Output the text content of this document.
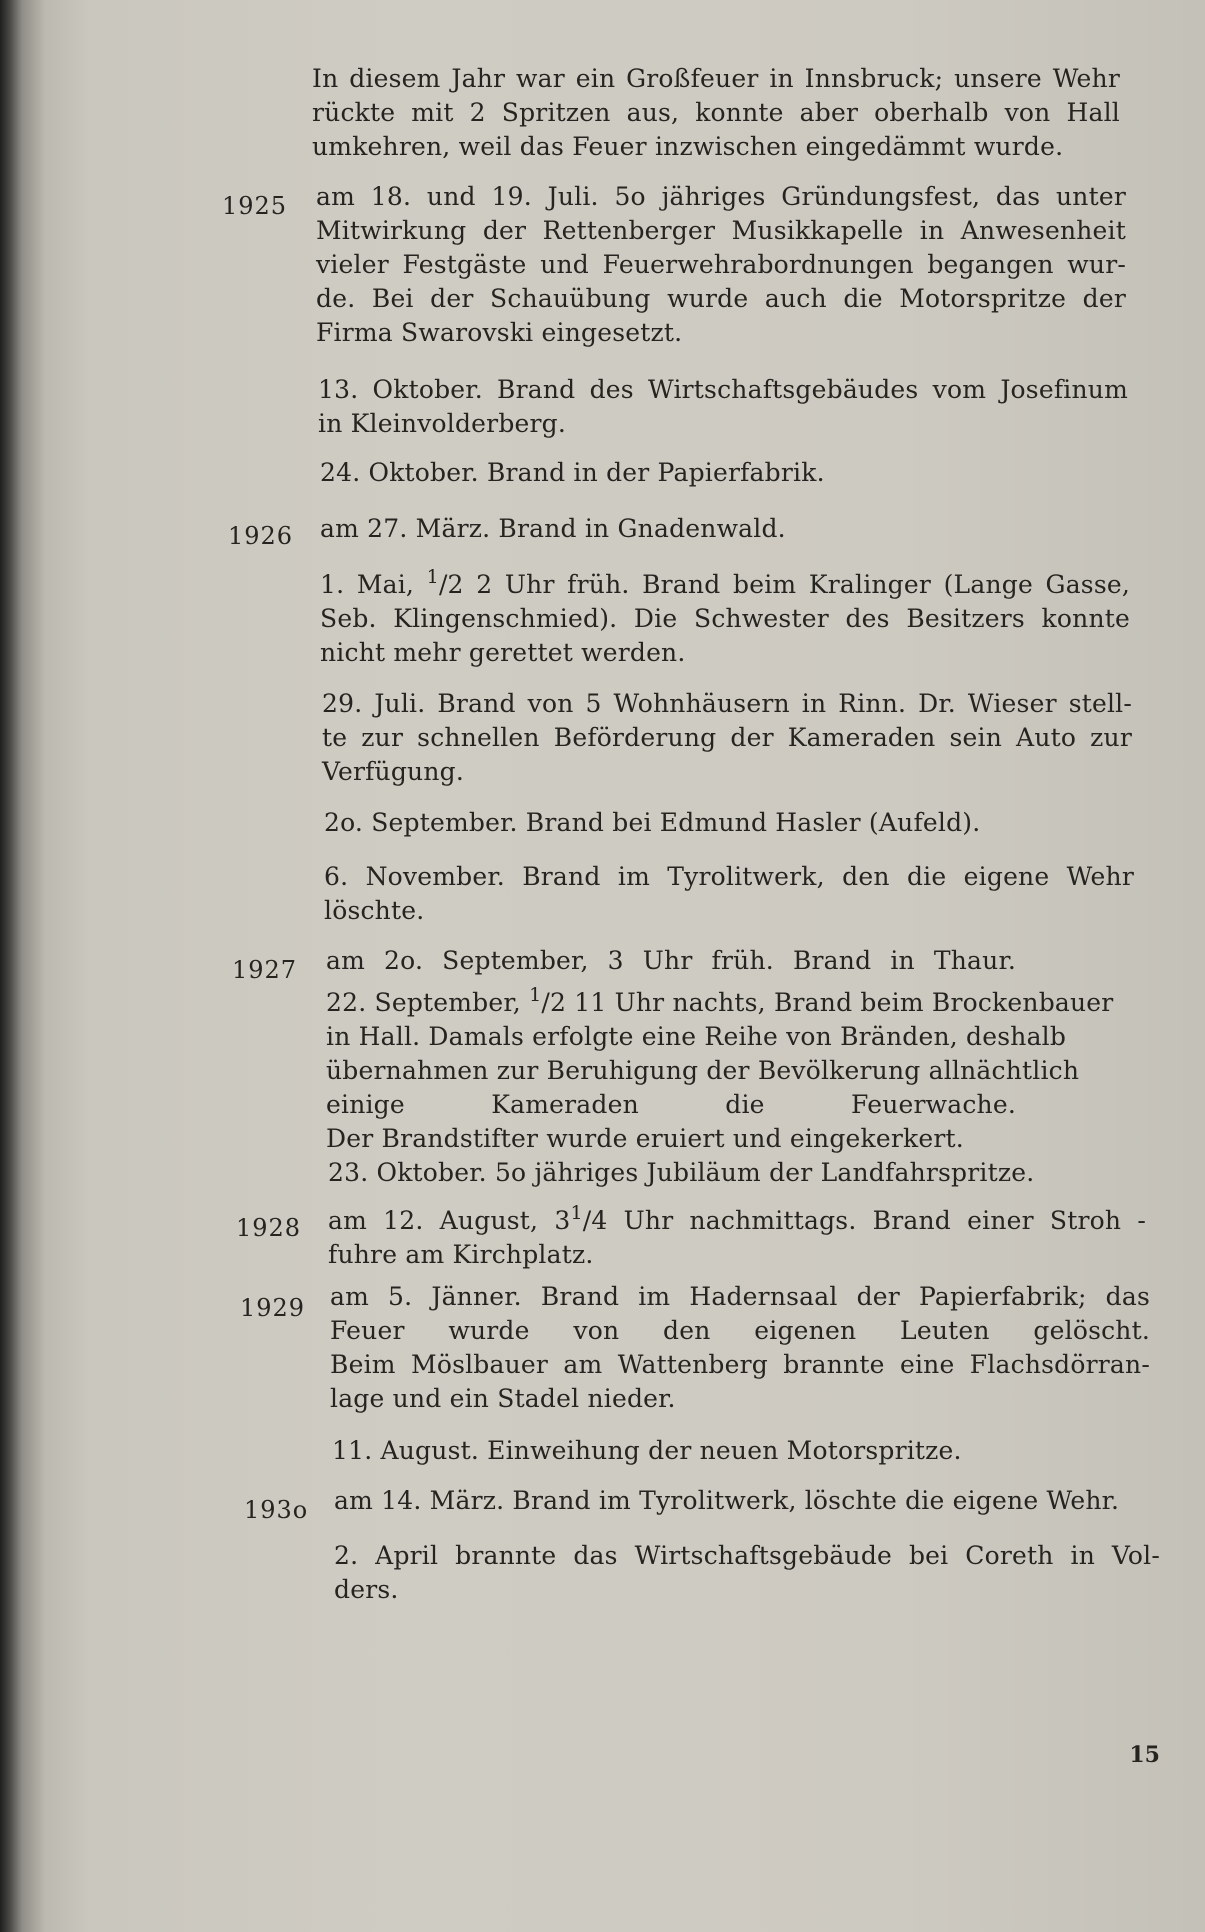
In diesem Jahr war ein Großfeuer in Innsbruck; unsere Wehr
rückte mit 2 Spritzen aus, konnte aber oberhalb von Hall
umkehren, weil das Feuer inzwischen eingedämmt wurde.
1925 am 18. und 19. Juli. 5o jähriges Gründungsfest, das unter
Mitwirkung der Rettenberger Musikkapelle in Anwesenheit
vieler Festgäste und Feuerwehrabordnungen begangen wur-
de. Bei der Schauübung wurde auch die Motorspritze der
Firma Swarovski eingesetzt.
13. Oktober. Brand des Wirtschaftsgebäudes vom Josefinum
in Kleinvolderberg.
24. Oktober. Brand in der Papierfabrik.
1926 am 27. März. Brand in Gnadenwald.
1. Mai, $^1$/2 2 Uhr früh. Brand beim Kralinger (Lange Gasse,
Seb. Klingenschmied). Die Schwester des Besitzers konnte
nicht mehr gerettet werden.
29. Juli. Brand von 5 Wohnhäusern in Rinn. Dr. Wieser stell-
te zur schnellen Beförderung der Kameraden sein Auto zur
Verfügung.
2o. September. Brand bei Edmund Hasler (Aufeld).
6. November. Brand im Tyrolitwerk, den die eigene Wehr
löschte.
1927 am 2o. September, 3 Uhr früh. Brand in Thaur.
22. September, $^1$/2 11 Uhr nachts, Brand beim Brockenbauer
in Hall. Damals erfolgte eine Reihe von Bränden, deshalb
übernahmen zur Beruhigung der Bevölkerung allnächtlich
einige Kameraden die Feuerwache.
Der Brandstifter wurde eruiert und eingekerkert.
23. Oktober. 5o jähriges Jubiläum der Landfahrspritze.
1928 am 12. August, $3^1/4$ Uhr nachmittags. Brand einer Stroh -
fuhre am Kirchplatz.
1929 am 5. Jänner. Brand im Hadernsaal der Papierfabrik; das
Feuer wurde von den eigenen Leuten gelöscht.
Beim Möslbauer am Wattenberg brannte eine Flachsdörran-
lage und ein Stadel nieder.
11. August. Einweihung der neuen Motorspritze.
193o am 14. März. Brand im Tyrolitwerk, löschte die eigene Wehr.
2. April brannte das Wirtschaftsgebäude bei Coreth in Vol-
ders.
15
